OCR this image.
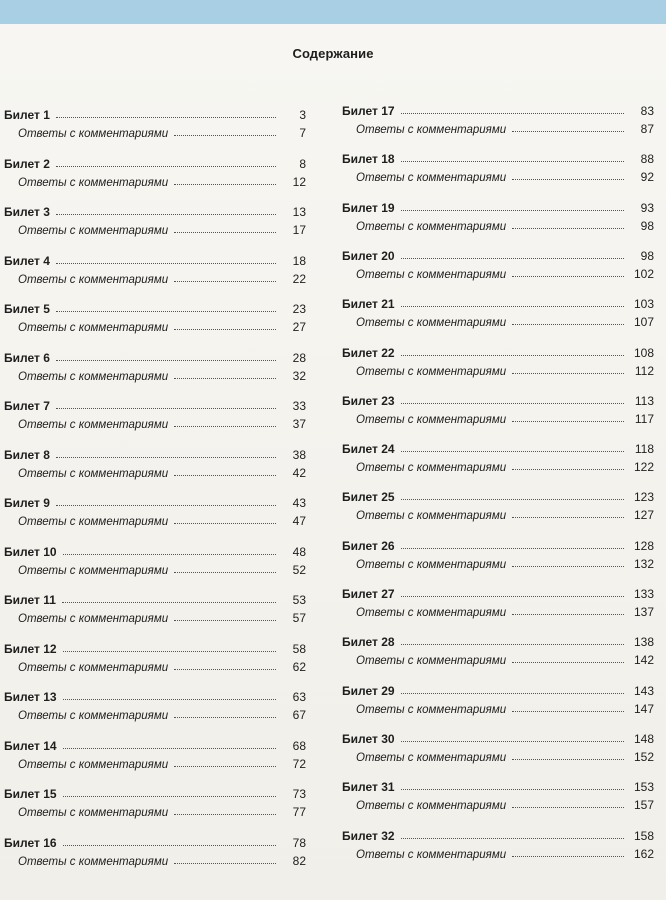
Содержание
Билет 1	3
Ответы с комментариями	7
Билет 2	8
Ответы с комментариями	12
Билет 3	13
Ответы с комментариями	17
Билет 4	18
Ответы с комментариями	22
Билет 5	23
Ответы с комментариями	27
Билет 6	28
Ответы с комментариями	32
Билет 7	33
Ответы с комментариями	37
Билет 8	38
Ответы с комментариями	42
Билет 9	43
Ответы с комментариями	47
Билет 10	48
Ответы с комментариями	52
Билет 11	53
Ответы с комментариями	57
Билет 12	58
Ответы с комментариями	62
Билет 13	63
Ответы с комментариями	67
Билет 14	68
Ответы с комментариями	72
Билет 15	73
Ответы с комментариями	77
Билет 16	78
Ответы с комментариями	82
Билет 17	83
Ответы с комментариями	87
Билет 18	88
Ответы с комментариями	92
Билет 19	93
Ответы с комментариями	98
Билет 20	98
Ответы с комментариями	102
Билет 21	103
Ответы с комментариями	107
Билет 22	108
Ответы с комментариями	112
Билет 23	113
Ответы с комментариями	117
Билет 24	118
Ответы с комментариями	122
Билет 25	123
Ответы с комментариями	127
Билет 26	128
Ответы с комментариями	132
Билет 27	133
Ответы с комментариями	137
Билет 28	138
Ответы с комментариями	142
Билет 29	143
Ответы с комментариями	147
Билет 30	148
Ответы с комментариями	152
Билет 31	153
Ответы с комментариями	157
Билет 32	158
Ответы с комментариями	162
